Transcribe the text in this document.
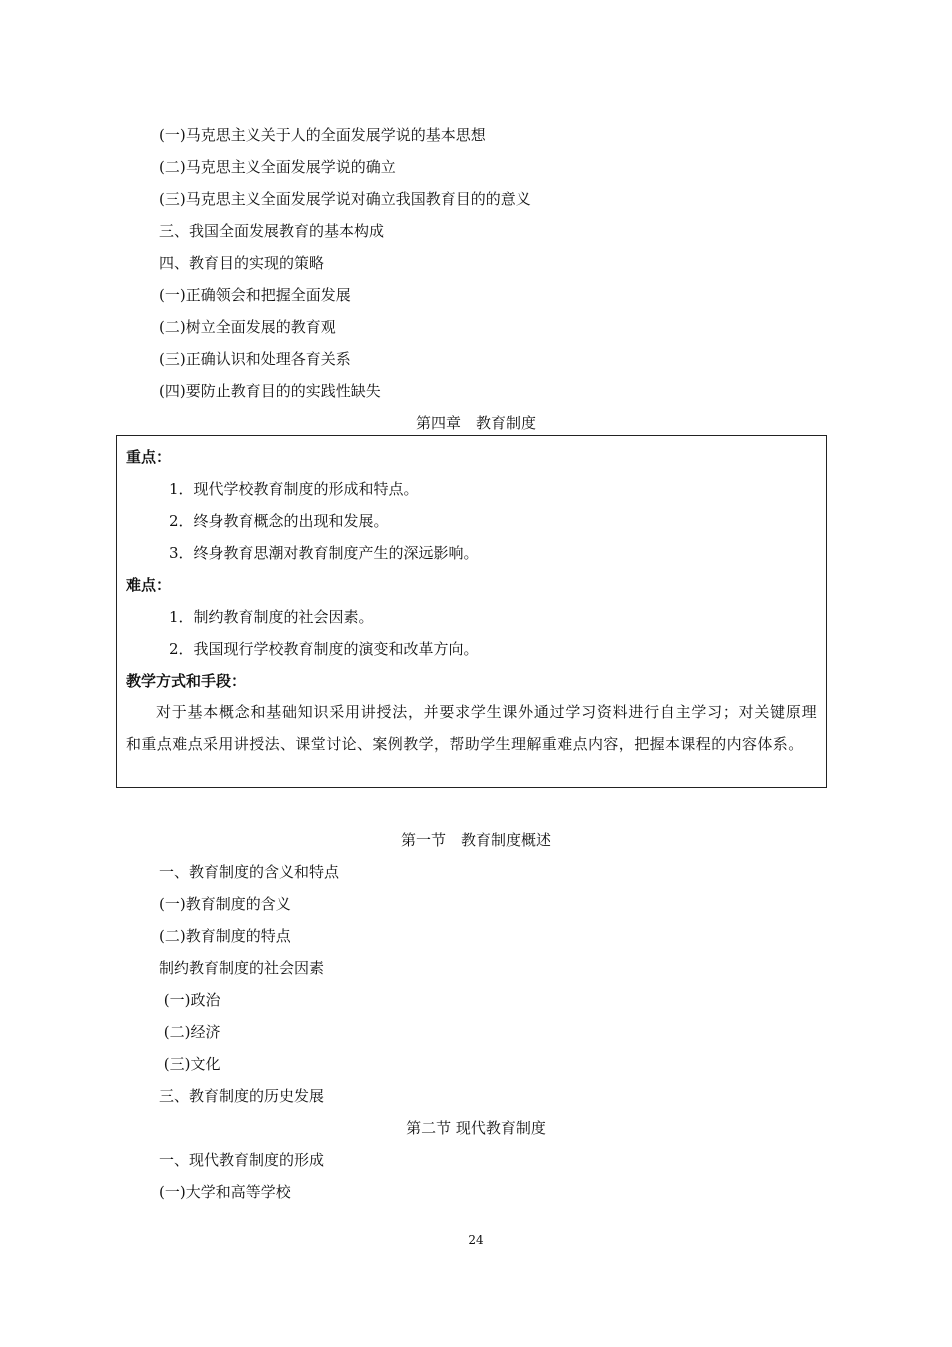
(一)马克思主义关于人的全面发展学说的基本思想
(二)马克思主义全面发展学说的确立
(三)马克思主义全面发展学说对确立我国教育目的的意义
三、我国全面发展教育的基本构成
四、教育目的实现的策略
(一)正确领会和把握全面发展
(二)树立全面发展的教育观
(三)正确认识和处理各育关系
(四)要防止教育目的的实践性缺失
第四章　教育制度
重点：
1．现代学校教育制度的形成和特点。
2．终身教育概念的出现和发展。
3．终身教育思潮对教育制度产生的深远影响。
难点：
1．制约教育制度的社会因素。
2．我国现行学校教育制度的演变和改革方向。
教学方式和手段：
对于基本概念和基础知识采用讲授法，并要求学生课外通过学习资料进行自主学习；对关键原理和重点难点采用讲授法、课堂讨论、案例教学，帮助学生理解重难点内容，把握本课程的内容体系。
第一节　教育制度概述
一、教育制度的含义和特点
(一)教育制度的含义
(二)教育制度的特点
制约教育制度的社会因素
(一)政治
(二)经济
(三)文化
三、教育制度的历史发展
第二节 现代教育制度
一、现代教育制度的形成
(一)大学和高等学校
24
